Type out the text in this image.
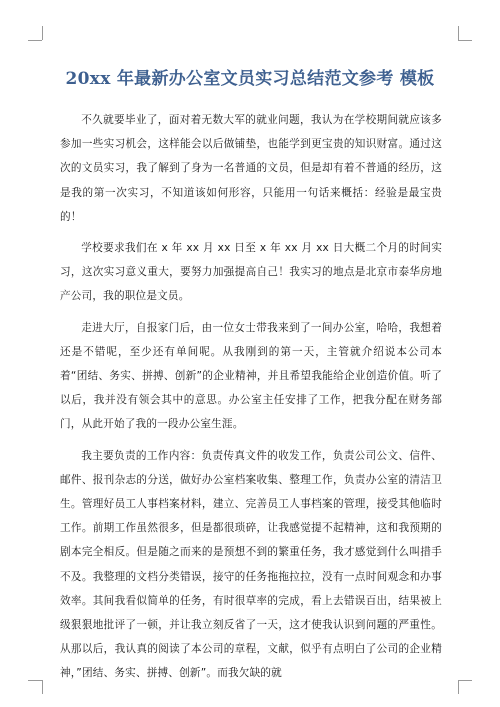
20xx 年最新办公室文员实习总结范文参考 模板

不久就要毕业了，面对着无数大军的就业问题，我认为在学校期间就应该多参加一些实习机会，这样能会以后做铺垫，也能学到更宝贵的知识财富。通过这次的文员实习，我了解到了身为一名普通的文员，但是却有着不普通的经历，这是我的第一次实习，不知道该如何形容，只能用一句话来概括：经验是最宝贵的！

学校要求我们在 x 年 xx 月 xx 日至 x 年 xx 月 xx 日大概二个月的时间实习，这次实习意义重大，要努力加强提高自己！我实习的地点是北京市泰华房地产公司，我的职位是文员。

走进大厅，自报家门后，由一位女士带我来到了一间办公室，哈哈，我想着还是不错呢，至少还有单间呢。从我刚到的第一天，主管就介绍说本公司本着“团结、务实、拼搏、创新”的企业精神，并且希望我能给企业创造价值。听了以后，我并没有领会其中的意思。办公室主任安排了工作，把我分配在财务部门，从此开始了我的一段办公室生涯。

我主要负责的工作内容：负责传真文件的收发工作，负责公司公文、信件、邮件、报刊杂志的分送，做好办公室档案收集、整理工作，负责办公室的清洁卫生。管理好员工人事档案材料，建立、完善员工人事档案的管理，接受其他临时工作。前期工作虽然很多，但是都很琐碎，让我感觉提不起精神，这和我预期的剧本完全相反。但是随之而来的是预想不到的繁重任务，我才感觉到什么叫措手不及。我整理的文档分类错误，接守的任务拖拖拉拉，没有一点时间观念和办事效率。其间我看似简单的任务，有时很草率的完成，看上去错误百出，结果被上级狠狠地批评了一顿，并让我立刻反省了一天，这才使我认识到问题的严重性。从那以后，我认真的阅读了本公司的章程，文献，似乎有点明白了公司的企业精神，”团结、务实、拼搏、创新”。而我欠缺的就
